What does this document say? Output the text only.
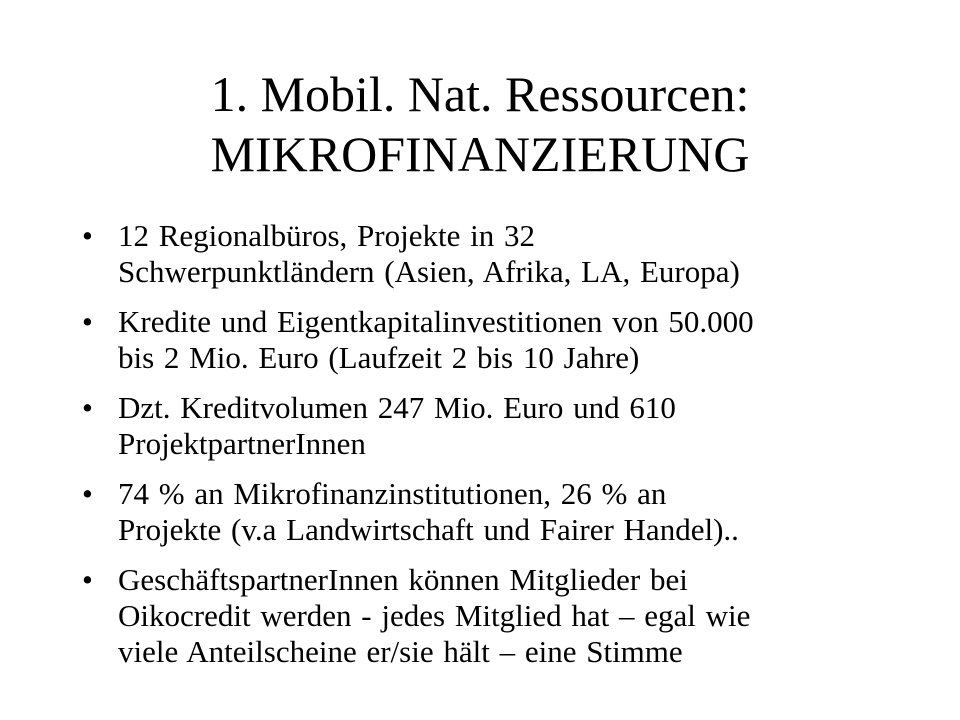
1. Mobil. Nat. Ressourcen:
MIKROFINANZIERUNG
• 12 Regionalbüros, Projekte in 32
Schwerpunktländern (Asien, Afrika, LA, Europa)
• Kredite und Eigentkapitalinvestitionen von 50.000
bis 2 Mio. Euro (Laufzeit 2 bis 10 Jahre)
• Dzt. Kreditvolumen 247 Mio. Euro und 610
ProjektpartnerInnen
• 74 % an Mikrofinanzinstitutionen, 26 % an
Projekte (v.a Landwirtschaft und Fairer Handel)..
• GeschäftspartnerInnen können Mitglieder bei
Oikocredit werden - jedes Mitglied hat – egal wie
viele Anteilscheine er/sie hält – eine Stimme
